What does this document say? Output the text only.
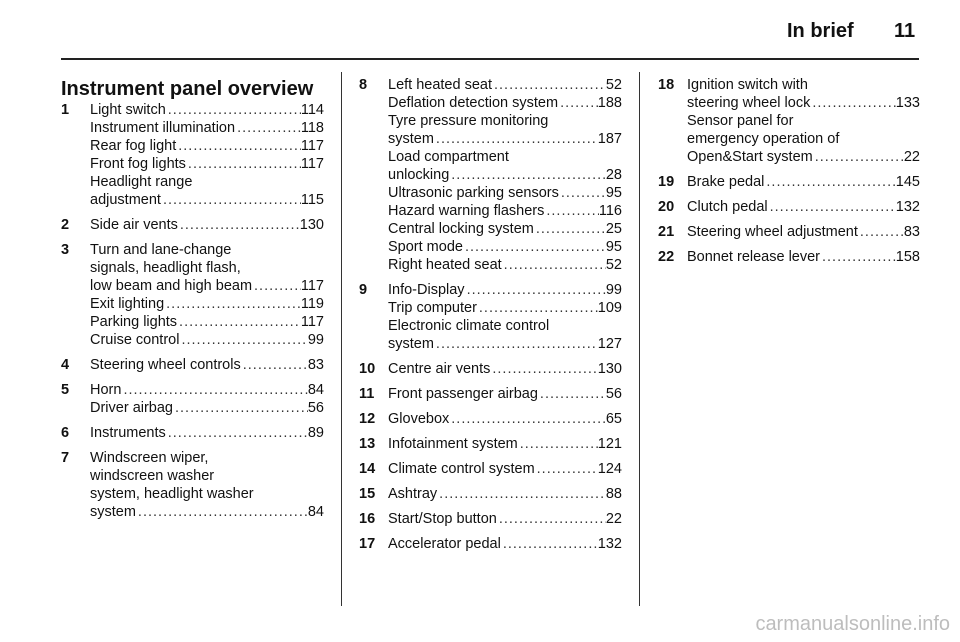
In brief 11
Instrument panel overview
1	Light switch .....	114
Instrument illumination .....	118
Rear fog light .....	117
Front fog lights .....	117
Headlight range
adjustment .....	115
2	Side air vents .....	130
3	Turn and lane-change
signals, headlight flash,
low beam and high beam .....	117
Exit lighting .....	119
Parking lights .....	117
Cruise control .....	99
4	Steering wheel controls .....	83
5	Horn .....	84
Driver airbag .....	56
6	Instruments .....	89
7	Windscreen wiper,
windscreen washer
system, headlight washer
system .....	84
8	Left heated seat .....	52
Deflation detection system .....	188
Tyre pressure monitoring
system .....	187
Load compartment
unlocking .....	28
Ultrasonic parking sensors .....	95
Hazard warning flashers .....	116
Central locking system .....	25
Sport mode .....	95
Right heated seat .....	52
9	Info-Display .....	99
Trip computer .....	109
Electronic climate control
system .....	127
10 Centre air vents .....	130
11 Front passenger airbag .....	56
12 Glovebox .....	65
13 Infotainment system .....	121
14 Climate control system .....	124
15 Ashtray .....	88
16 Start/Stop button .....	22
17 Accelerator pedal .....	132
18 Ignition switch with
steering wheel lock .....	133
Sensor panel for
emergency operation of
Open&Start system .....	22
19 Brake pedal .....	145
20 Clutch pedal .....	132
21 Steering wheel adjustment .....	83
22 Bonnet release lever .....	158
carmanualsonline.info
